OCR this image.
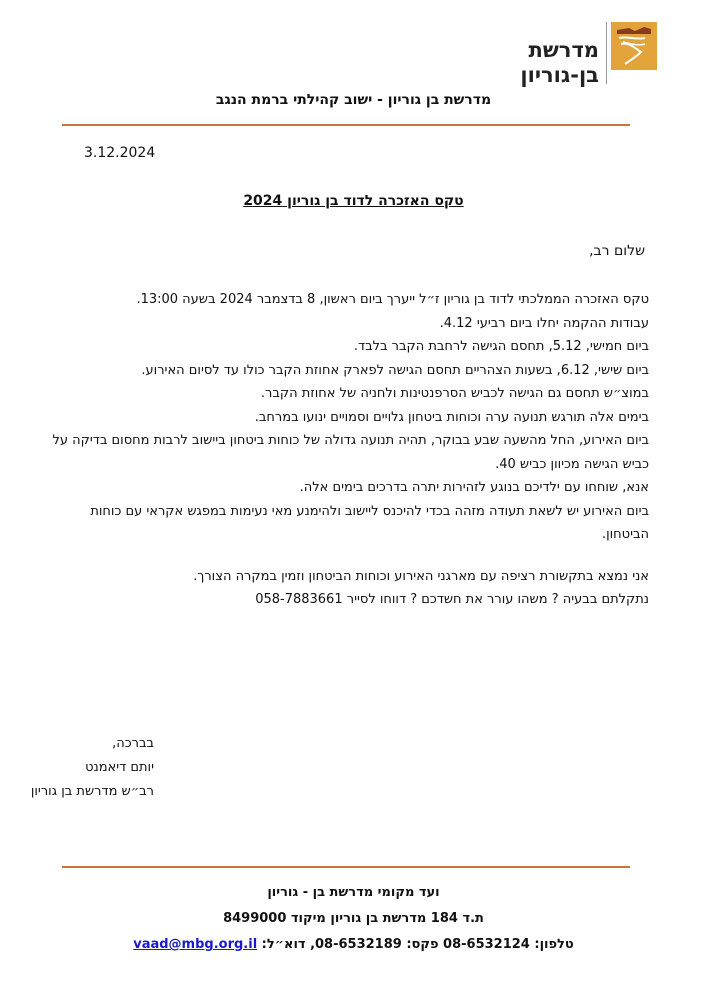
מדרשת
בן-גוריון
מדרשת בן גוריון - ישוב קהילתי ברמת הנגב
3.12.2024
טקס האזכרה לדוד בן גוריון 2024
שלום רב,

טקס האזכרה הממלכתי לדוד בן גוריון ז״ל ייערך ביום ראשון, 8 בדצמבר 2024 בשעה 13:00.

עבודות ההקמה יחלו ביום רביעי 4.12.

ביום חמישי, 5.12, תחסם הגישה לרחבת הקבר בלבד.

ביום שישי, 6.12, בשעות הצהריים תחסם הגישה לפארק אחוזת הקבר כולו עד לסיום האירוע.

במוצ״ש תחסם גם הגישה לכביש הסרפנטינות ולחניה של אחוזת הקבר.

בימים אלה תורגש תנועה ערה וכוחות ביטחון גלויים וסמויים ינועו במרחב.

ביום האירוע, החל מהשעה שבע בבוקר, תהיה תנועה גדולה של כוחות ביטחון ביישוב לרבות מחסום בדיקה על כביש הגישה מכיוון כביש 40.

אנא, שוחחו עם ילדיכם בנוגע לזהירות יתרה בדרכים בימים אלה.

ביום האירוע יש לשאת תעודה מזהה בכדי להיכנס ליישוב ולהימנע מאי נעימות במפגש אקראי עם כוחות הביטחון.

אני נמצא בתקשורת רציפה עם מארגני האירוע וכוחות הביטחון וזמין במקרה הצורך.

נתקלתם בבעיה ? משהו עורר את חשדכם ? דווחו לסייר 058-7883661

בברכה,
יותם דיאמנט
רב״ש מדרשת בן גוריון
ועד מקומי מדרשת בן - גוריון
ת.ד 184 מדרשת בן גוריון מיקוד 8499000
טלפון: 08-6532124 פקס: 08-6532189, דוא״ל: vaad@mbg.org.il
